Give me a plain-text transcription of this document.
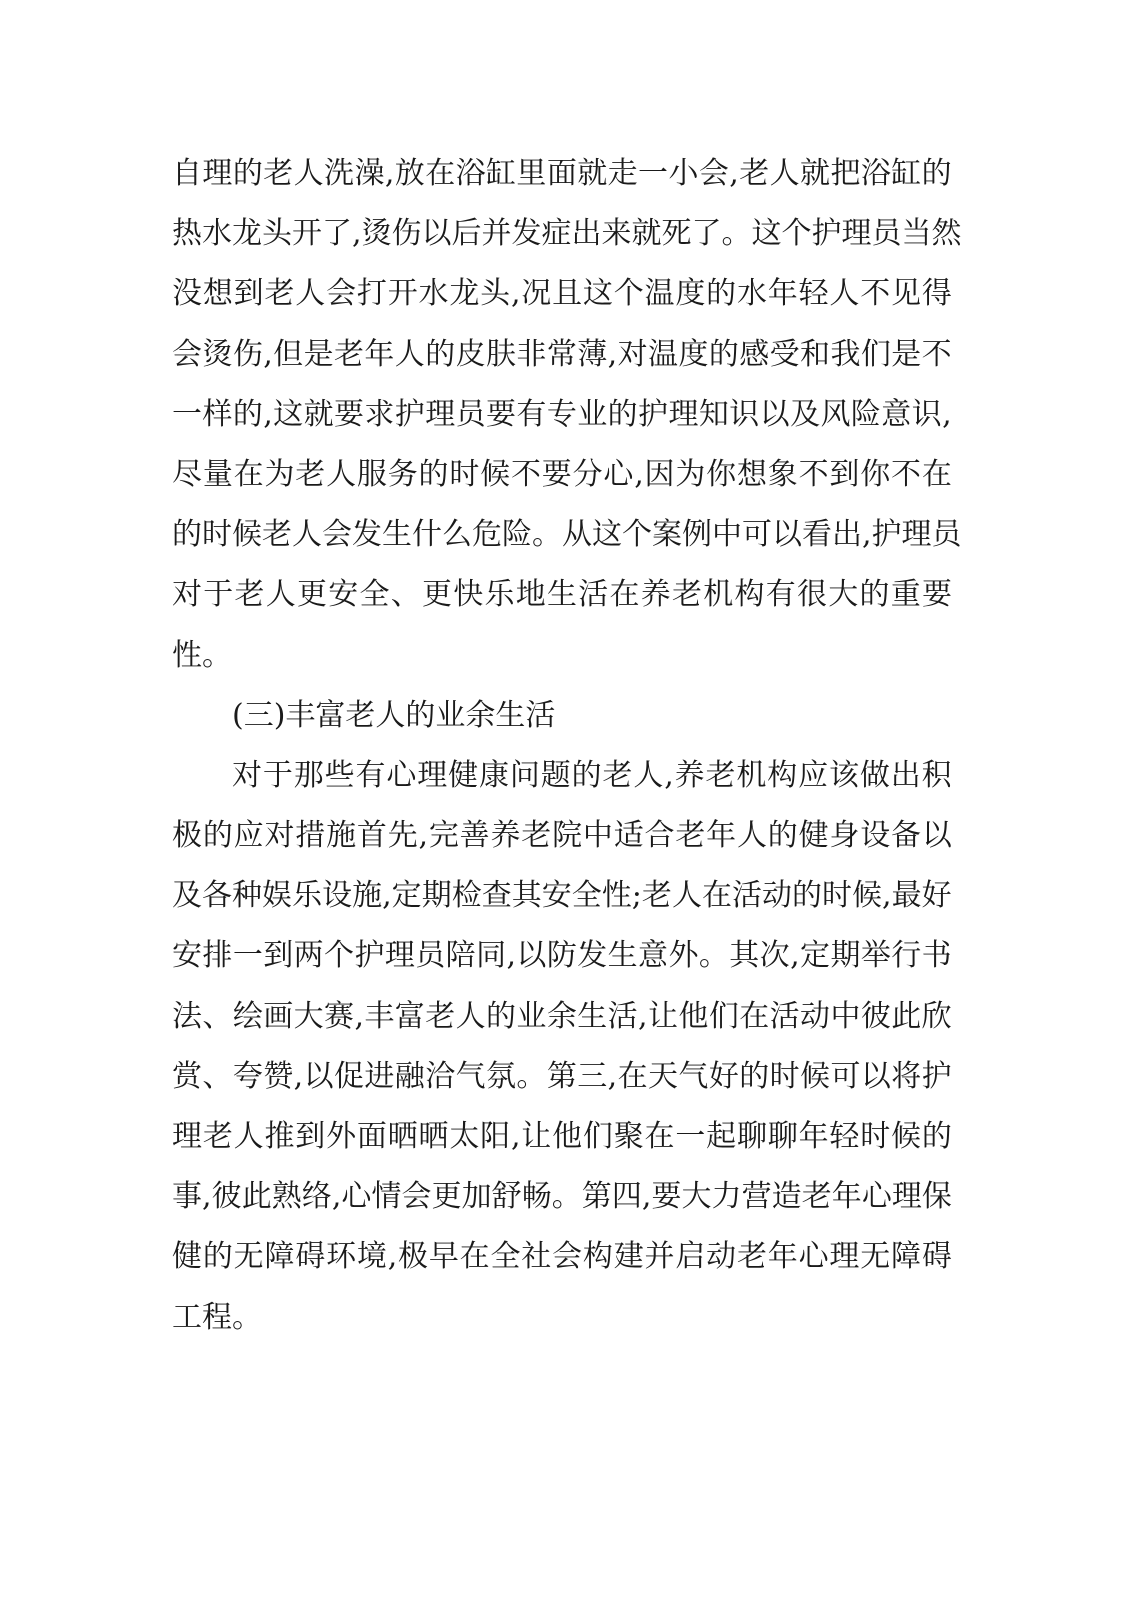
自 理 的 老 人 洗 澡 , 放 在 浴 缸 里 面 就 走 一 小 会 , 老 人 就 把 浴 缸 的
热 水 龙 头 开 了 , 烫 伤 以 后 并 发 症 出 来 就 死 了 。 这 个 护 理 员 当 然
没 想 到 老 人 会 打 开 水 龙 头 , 况 且 这 个 温 度 的 水 年 轻 人 不 见 得
会 烫 伤 , 但 是 老 年 人 的 皮 肤 非 常 薄 , 对 温 度 的 感 受 和 我 们 是 不
一 样 的 , 这 就 要 求 护 理 员 要 有 专 业 的 护 理 知 识 以 及 风 险 意 识 ,
尽 量 在 为 老 人 服 务 的 时 候 不 要 分 心 , 因 为 你 想 象 不 到 你 不 在
的 时 候 老 人 会 发 生 什 么 危 险 。 从 这 个 案 例 中 可 以 看 出 , 护 理 员
对 于 老 人 更 安 全 、 更 快 乐 地 生 活 在 养 老 机 构 有 很 大 的 重 要
性。
(三)丰富老人的业余生活
对 于 那 些 有 心 理 健 康 问 题 的 老 人 , 养 老 机 构 应 该 做 出 积
极 的 应 对 措 施 首 先 , 完 善 养 老 院 中 适 合 老 年 人 的 健 身 设 备 以
及 各 种 娱 乐 设 施 , 定 期 检 查 其 安 全 性 ; 老 人 在 活 动 的 时 候 , 最 好
安 排 一 到 两 个 护 理 员 陪 同 , 以 防 发 生 意 外 。 其 次 , 定 期 举 行 书
法 、 绘 画 大 赛 , 丰 富 老 人 的 业 余 生 活 , 让 他 们 在 活 动 中 彼 此 欣
赏 、 夸 赞 , 以 促 进 融 洽 气 氛 。 第 三 , 在 天 气 好 的 时 候 可 以 将 护
理 老 人 推 到 外 面 晒 晒 太 阳 , 让 他 们 聚 在 一 起 聊 聊 年 轻 时 候 的
事 , 彼 此 熟 络 , 心 情 会 更 加 舒 畅 。 第 四 , 要 大 力 营 造 老 年 心 理 保
健 的 无 障 碍 环 境 , 极 早 在 全 社 会 构 建 并 启 动 老 年 心 理 无 障 碍
工程。
